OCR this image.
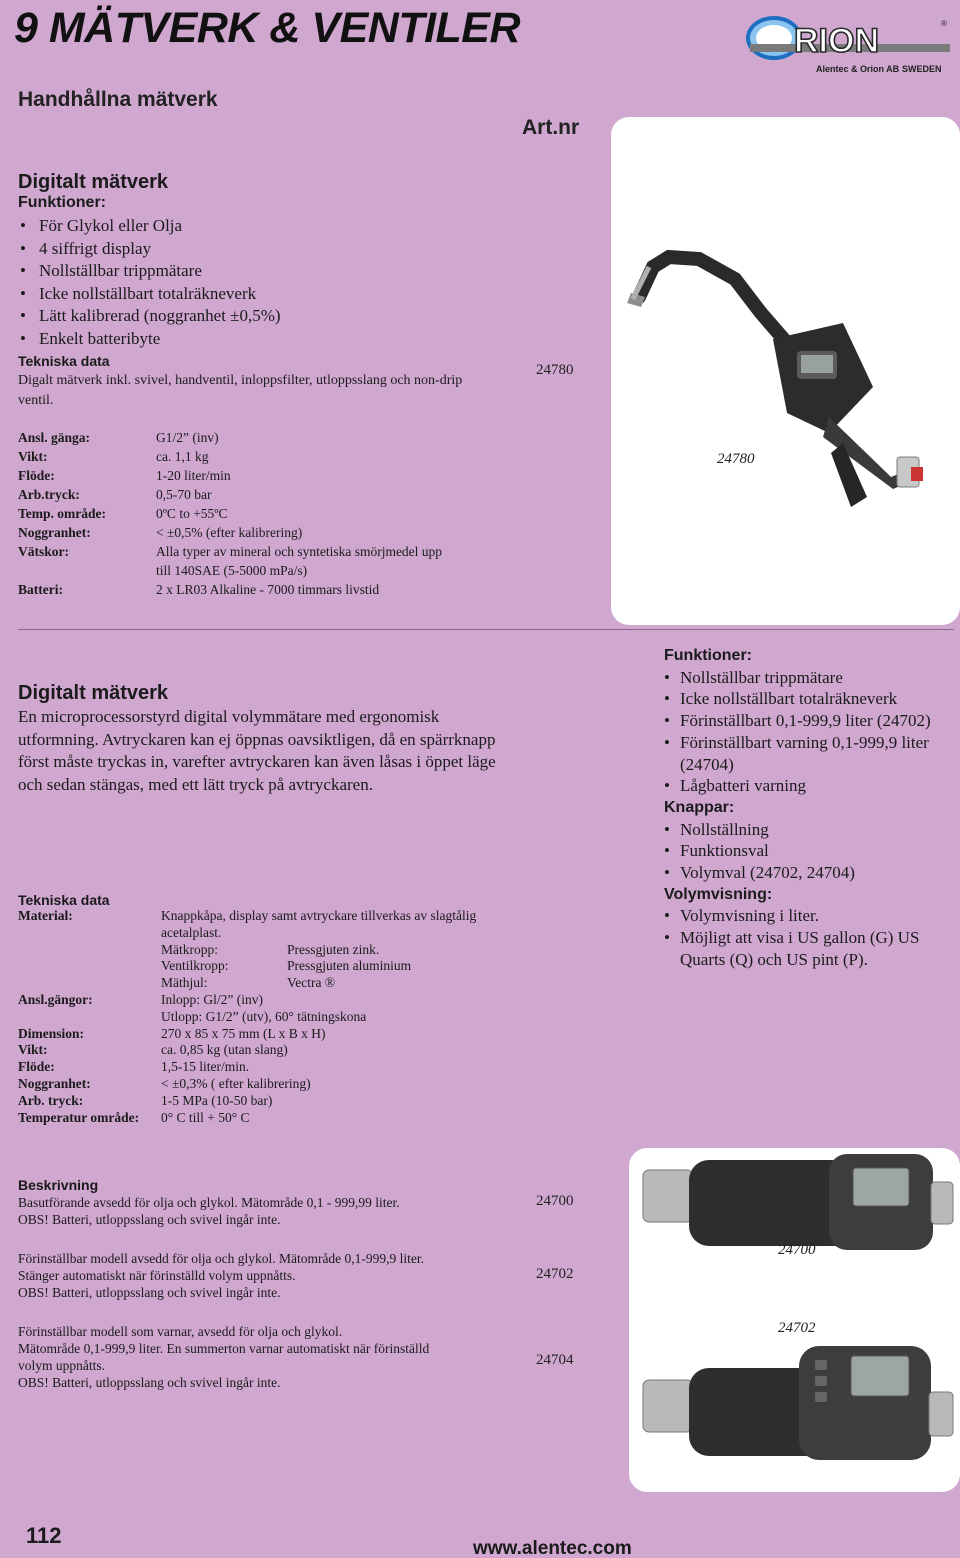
9 MÄTVERK & VENTILER
Handhållna mätverk
Art.nr
RION	®
Alentec & Orion AB SWEDEN
Digitalt mätverk
Funktioner:
• För Glykol eller Olja
• 4 siffrigt display
• Nollställbar trippmätare
• Icke nollställbart totalräkneverk
• Lätt kalibrerad (noggranhet ±0,5%)
• Enkelt batteribyte
Tekniska data
Digalt mätverk inkl. svivel, handventil, inloppsfilter, utloppsslang och non-drip ventil.
24780
Ansl. gänga:	G1/2” (inv)
Vikt:	ca. 1,1 kg
Flöde:	1-20 liter/min
Arb.tryck:	0,5-70 bar
Temp. område:	0ºC to +55ºC
Noggranhet:	< ±0,5% (efter kalibrering)
Vätskor:	Alla typer av mineral och syntetiska smörjmedel upp
till 140SAE (5-5000 mPa/s)
Batteri:	2 x LR03 Alkaline - 7000 timmars livstid
24780
Digitalt mätverk
En microprocessorstyrd digital volymmätare med ergonomisk utformning. Avtryckaren kan ej öppnas oavsiktligen, då en spärrknapp först måste tryckas in, varefter avtryckaren kan även låsas i öppet läge och sedan stängas, med ett lätt tryck på avtryckaren.
Tekniska data
Material:	Knappkåpa, display samt avtryckare tillverkas av slagtålig acetalplast.
Mätkropp:	Pressgjuten zink.
Ventilkropp:	Pressgjuten aluminium
Mäthjul:	Vectra ®
Ansl.gängor:	Inlopp: Gl/2” (inv)
Utlopp: G1/2” (utv), 60° tätningskona
Dimension:	270 x 85 x 75 mm (L x B x H)
Vikt:	ca. 0,85 kg (utan slang)
Flöde:	1,5-15 liter/min.
Noggranhet:	< ±0,3% ( efter kalibrering)
Arb. tryck:	1-5 MPa (10-50 bar)
Temperatur område:	0° C till + 50° C
Funktioner:
• Nollställbar trippmätare
• Icke nollställbart totalräkneverk
• Förinställbart 0,1-999,9 liter (24702)
• Förinställbart varning 0,1-999,9 liter (24704)
• Lågbatteri varning
Knappar:
• Nollställning
• Funktionsval
• Volymval (24702, 24704)
Volymvisning:
• Volymvisning i liter.
• Möjligt att visa i US gallon (G) US Quarts (Q) och US pint (P).
Beskrivning
Basutförande avsedd för olja och glykol. Mätområde 0,1 - 999,99 liter.
OBS! Batteri, utloppsslang och svivel ingår inte.
24700
Förinställbar modell avsedd för olja och glykol. Mätområde 0,1-999,9 liter.
Stänger automatiskt när förinställd volym uppnåtts.
OBS! Batteri, utloppsslang och svivel ingår inte.
24702
Förinställbar modell som varnar, avsedd för olja och glykol.
Mätområde 0,1-999,9 liter. En summerton varnar automatiskt när förinställd
volym uppnåtts.
OBS! Batteri, utloppsslang och svivel ingår inte.
24704
24700
24702
112
www.alentec.com
